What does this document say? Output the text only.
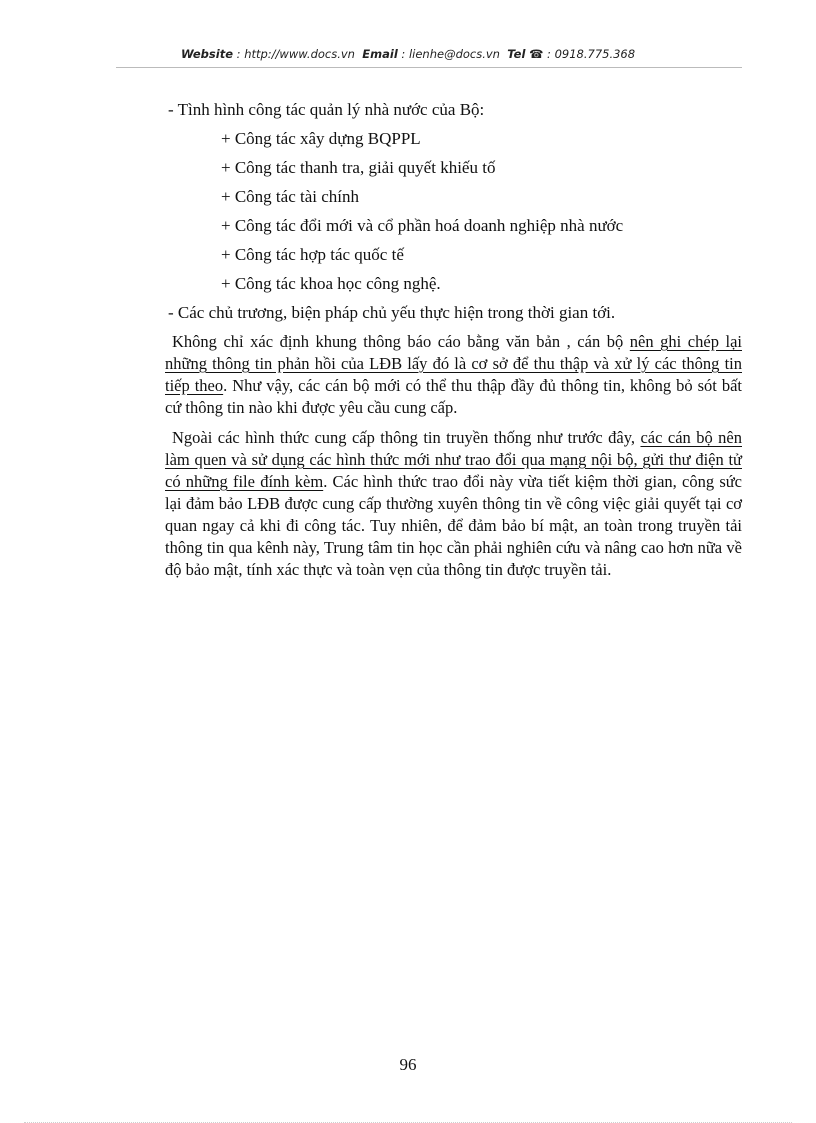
Website : http://www.docs.vn Email : lienhe@docs.vn Tel ☎ : 0918.775.368
- Tình hình công tác quản lý nhà nước của Bộ:
+ Công tác xây dựng BQPPL
+ Công tác thanh tra, giải quyết khiếu tố
+ Công tác tài chính
+ Công tác đổi mới và cổ phần hoá doanh nghiệp nhà nước
+ Công tác hợp tác quốc tế
+ Công tác khoa học công nghệ.
- Các chủ trương, biện pháp chủ yếu thực hiện trong thời gian tới.

Không chỉ xác định khung thông báo cáo bằng văn bản , cán bộ nên ghi chép lại những thông tin phản hồi của LĐB lấy đó là cơ sở để thu thập và xử lý các thông tin tiếp theo. Như vậy, các cán bộ mới có thể thu thập đầy đủ thông tin, không bỏ sót bất cứ thông tin nào khi được yêu cầu cung cấp.

Ngoài các hình thức cung cấp thông tin truyền thống như trước đây, các cán bộ nên làm quen và sử dụng các hình thức mới như trao đổi qua mạng nội bộ, gửi thư điện tử có những file đính kèm. Các hình thức trao đổi này vừa tiết kiệm thời gian, công sức lại đảm bảo LĐB được cung cấp thường xuyên thông tin về công việc giải quyết tại cơ quan ngay cả khi đi công tác. Tuy nhiên, để đảm bảo bí mật, an toàn trong truyền tải thông tin qua kênh này, Trung tâm tin học cần phải nghiên cứu và nâng cao hơn nữa về độ bảo mật, tính xác thực và toàn vẹn của thông tin được truyền tải.

96
